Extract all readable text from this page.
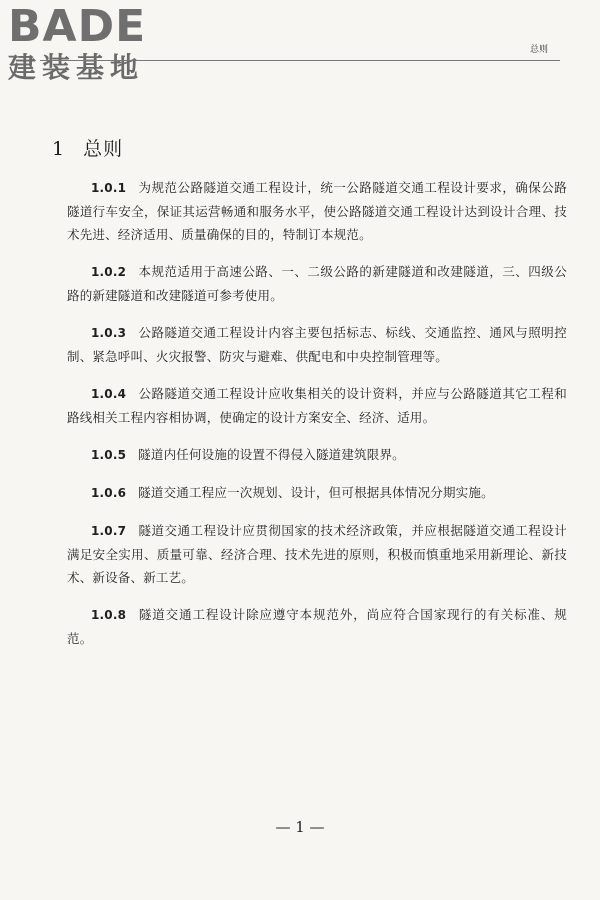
BADE
建装基地
总则
1 总则

1.0.1 为规范公路隧道交通工程设计，统一公路隧道交通工程设计要求，确保公路隧道行车安全，保证其运营畅通和服务水平，使公路隧道交通工程设计达到设计合理、技术先进、经济适用、质量确保的目的，特制订本规范。

1.0.2 本规范适用于高速公路、一、二级公路的新建隧道和改建隧道，三、四级公路的新建隧道和改建隧道可参考使用。

1.0.3 公路隧道交通工程设计内容主要包括标志、标线、交通监控、通风与照明控制、紧急呼叫、火灾报警、防灾与避难、供配电和中央控制管理等。

1.0.4 公路隧道交通工程设计应收集相关的设计资料，并应与公路隧道其它工程和路线相关工程内容相协调，使确定的设计方案安全、经济、适用。

1.0.5 隧道内任何设施的设置不得侵入隧道建筑限界。

1.0.6 隧道交通工程应一次规划、设计，但可根据具体情况分期实施。

1.0.7 隧道交通工程设计应贯彻国家的技术经济政策，并应根据隧道交通工程设计满足安全实用、质量可靠、经济合理、技术先进的原则，积极而慎重地采用新理论、新技术、新设备、新工艺。

1.0.8 隧道交通工程设计除应遵守本规范外，尚应符合国家现行的有关标准、规范。

— 1 —
